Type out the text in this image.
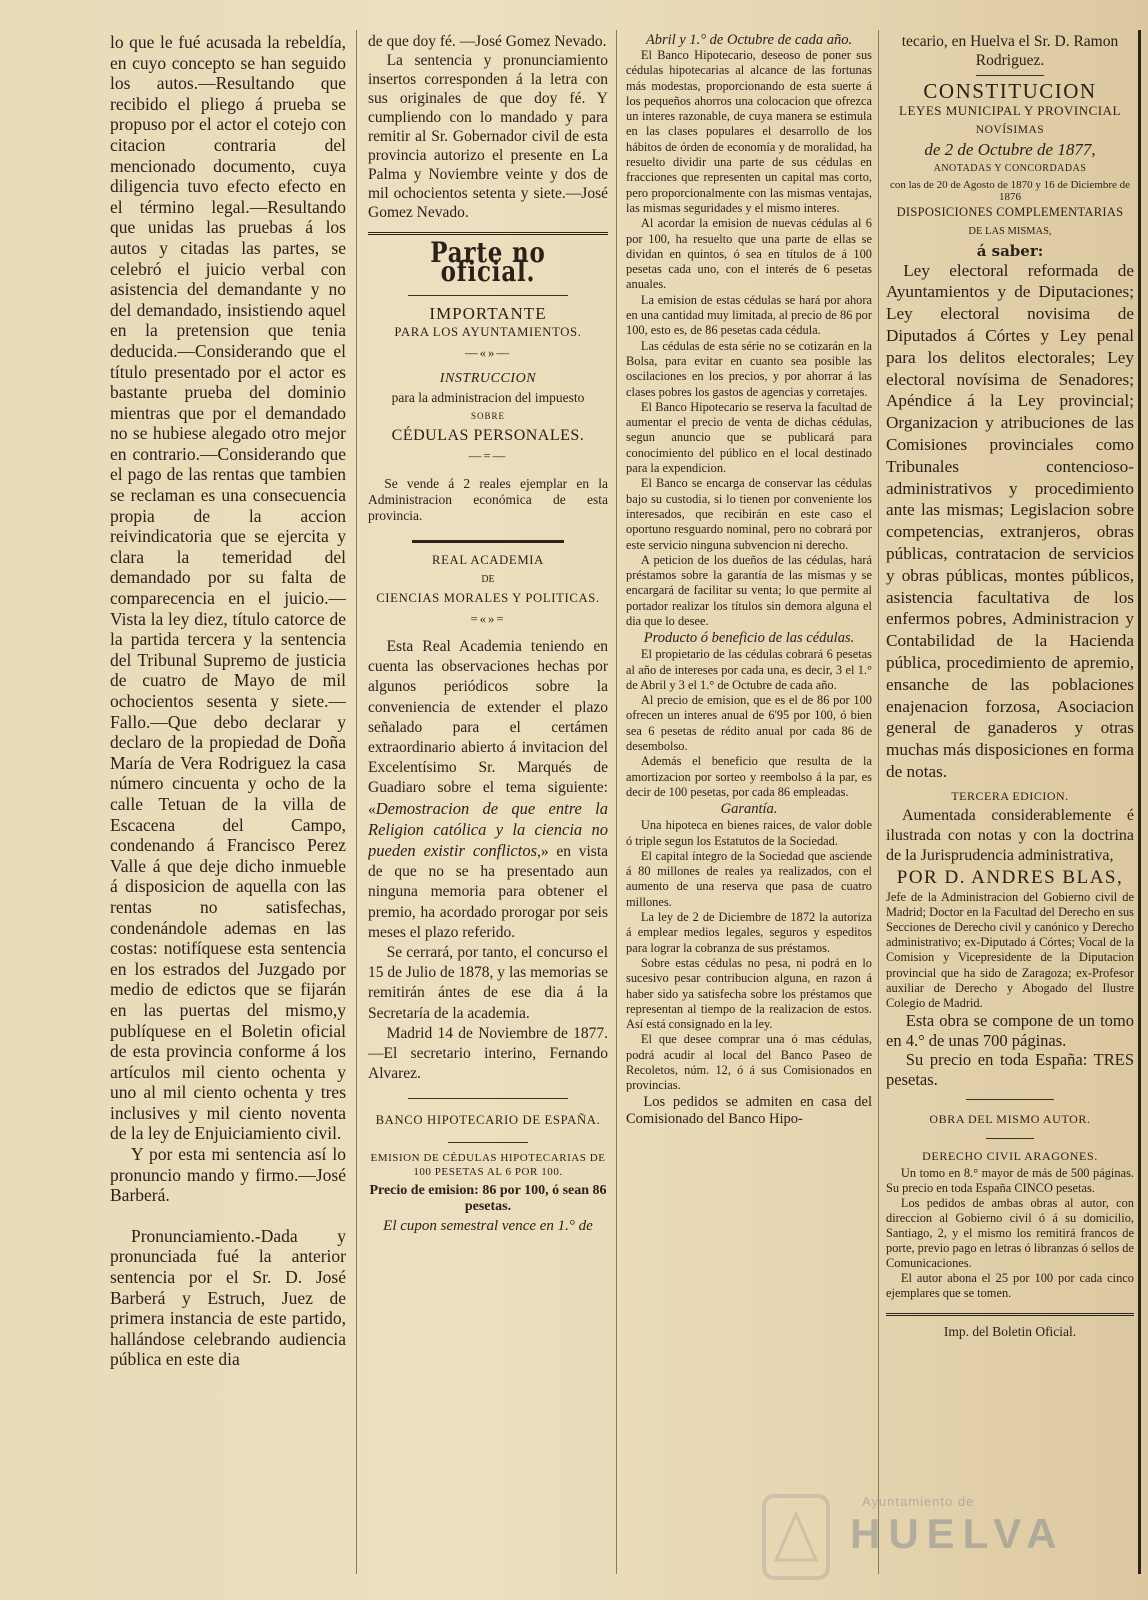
lo que le fué acusada la rebeldía, en cuyo concepto se han seguido los autos.—Resultando que recibido el pliego á prueba se propuso por el actor el cotejo con citacion contraria del mencionado documento, cuya diligencia tuvo efecto efecto en el término legal.—Resultando que unidas las pruebas á los autos y citadas las partes, se celebró el juicio verbal con asistencia del demandante y no del demandado, insistiendo aquel en la pretension que tenia deducida.—Considerando que el título presentado por el actor es bastante prueba del dominio mientras que por el demandado no se hubiese alegado otro mejor en contrario.—Considerando que el pago de las rentas que tambien se reclaman es una consecuencia propia de la accion reivindicatoria que se ejercita y clara la temeridad del demandado por su falta de comparecencia en el juicio.—Vista la ley diez, título catorce de la partida tercera y la sentencia del Tribunal Supremo de justicia de cuatro de Mayo de mil ochocientos sesenta y siete.—Fallo.—Que debo declarar y declaro de la propiedad de Doña María de Vera Rodriguez la casa número cincuenta y ocho de la calle Tetuan de la villa de Escacena del Campo, condenando á Francisco Perez Valle á que deje dicho inmueble á disposicion de aquella con las rentas no satisfechas, condenándole ademas en las costas: notifíquese esta sentencia en los estrados del Juzgado por medio de edictos que se fijarán en las puertas del mismo,y publíquese en el Boletin oficial de esta provincia conforme á los artículos mil ciento ochenta y uno al mil ciento ochenta y tres inclusives y mil ciento noventa de la ley de Enjuiciamiento civil.

Y por esta mi sentencia así lo pronuncio mando y firmo.—José Barberá.

Pronunciamiento.-Dada y pronunciada fué la anterior sentencia por el Sr. D. José Barberá y Estruch, Juez de primera instancia de este partido, hallándose celebrando audiencia pública en este dia

de que doy fé. —José Gomez Nevado.

La sentencia y pronunciamiento insertos corresponden á la letra con sus originales de que doy fé. Y cumpliendo con lo mandado y para remitir al Sr. Gobernador civil de esta provincia autorizo el presente en La Palma y Noviembre veinte y dos de mil ochocientos setenta y siete.—José Gomez Nevado.

Parte no oficial.
IMPORTANTE
PARA LOS AYUNTAMIENTOS.
—«»—
INSTRUCCION
para la administracion del impuesto
SOBRE
CÉDULAS PERSONALES.
—=—

Se vende á 2 reales ejemplar en la Administracion económica de esta provincia.

REAL ACADEMIA
DE
CIENCIAS MORALES Y POLITICAS.
=«»=

Esta Real Academia teniendo en cuenta las observaciones hechas por algunos periódicos sobre la conveniencia de extender el plazo señalado para el certámen extraordinario abierto á invitacion del Excelentísimo Sr. Marqués de Guadiaro sobre el tema siguiente: «Demostracion de que entre la Religion católica y la ciencia no pueden existir conflictos,» en vista de que no se ha presentado aun ninguna memoria para obtener el premio, ha acordado prorogar por seis meses el plazo referido.

Se cerrará, por tanto, el concurso el 15 de Julio de 1878, y las memorias se remitirán ántes de ese dia á la Secretaría de la academia.

Madrid 14 de Noviembre de 1877.—El secretario interino, Fernando Alvarez.

BANCO HIPOTECARIO DE ESPAÑA.
EMISION DE CÉDULAS HIPOTECARIAS DE 100 PESETAS AL 6 POR 100.
Precio de emision: 86 por 100, ó sean 86 pesetas.
El cupon semestral vence en 1.° de
Abril y 1.° de Octubre de cada año.

El Banco Hipotecario, deseoso de poner sus cédulas hipotecarias al alcance de las fortunas más modestas, proporcionando de esta suerte á los pequeños ahorros una colocacion que ofrezca un interes razonable, de cuya manera se estimula en las clases populares el desarrollo de los hábitos de órden de economía y de moralidad, ha resuelto dividir una parte de sus cédulas en fracciones que representen un capital mas corto, pero proporcionalmente con las mismas ventajas, las mismas seguridades y el mismo interes.

Al acordar la emision de nuevas cédulas al 6 por 100, ha resuelto que una parte de ellas se dividan en quintos, ó sea en títulos de á 100 pesetas cada uno, con el interés de 6 pesetas anuales.

La emision de estas cédulas se hará por ahora en una cantidad muy limitada, al precio de 86 por 100, esto es, de 86 pesetas cada cédula.

Las cédulas de esta série no se cotizarán en la Bolsa, para evitar en cuanto sea posible las oscilaciones en los precios, y por ahorrar á las clases pobres los gastos de agencias y corretajes.

El Banco Hipotecario se reserva la facultad de aumentar el precio de venta de dichas cédulas, segun anuncio que se publicará para conocimiento del público en el local destinado para la expendicion.

El Banco se encarga de conservar las cédulas bajo su custodia, si lo tienen por conveniente los interesados, que recibirán en este caso el oportuno resguardo nominal, pero no cobrará por este servicio ninguna subvencion ni derecho.

A peticion de los dueños de las cédulas, hará préstamos sobre la garantía de las mismas y se encargará de facilitar su venta; lo que permite al portador realizar los títulos sin demora alguna el dia que lo desee.

Producto ó beneficio de las cédulas.

El propietario de las cédulas cobrará 6 pesetas al año de intereses por cada una, es decir, 3 el 1.° de Abril y 3 el 1.° de Octubre de cada año.

Al precio de emision, que es el de 86 por 100 ofrecen un interes anual de 6'95 por 100, ó bien sea 6 pesetas de rédito anual por cada 86 de desembolso.

Además el beneficio que resulta de la amortizacion por sorteo y reembolso á la par, es decir de 100 pesetas, por cada 86 empleadas.

Garantía.

Una hipoteca en bienes raices, de valor doble ó triple segun los Estatutos de la Sociedad.

El capital íntegro de la Sociedad que asciende á 80 millones de reales ya realizados, con el aumento de una reserva que pasa de cuatro millones.

La ley de 2 de Diciembre de 1872 la autoriza á emplear medios legales, seguros y espeditos para lograr la cobranza de sus préstamos.

Sobre estas cédulas no pesa, ni podrá en lo sucesivo pesar contribucion alguna, en razon á haber sido ya satisfecha sobre los préstamos que representan al tiempo de la realizacion de estos. Así está consignado en la ley.

El que desee comprar una ó mas cédulas, podrá acudir al local del Banco Paseo de Recoletos, núm. 12, ó á sus Comisionados en provincias.

Los pedidos se admiten en casa del Comisionado del Banco Hipo-

tecario, en Huelva el Sr. D. Ramon Rodriguez.
CONSTITUCION
LEYES MUNICIPAL Y PROVINCIAL
NOVÍSIMAS
de 2 de Octubre de 1877,
ANOTADAS Y CONCORDADAS
con las de 20 de Agosto de 1870 y 16 de Diciembre de 1876
DISPOSICIONES COMPLEMENTARIAS
DE LAS MISMAS,
á saber:

Ley electoral reformada de Ayuntamientos y de Diputaciones; Ley electoral novisima de Diputados á Córtes y Ley penal para los delitos electorales; Ley electoral novísima de Senadores; Apéndice á la Ley provincial; Organizacion y atribuciones de las Comisiones provinciales como Tribunales contencioso-administrativos y procedimiento ante las mismas; Legislacion sobre competencias, extranjeros, obras públicas, contratacion de servicios y obras públicas, montes públicos, asistencia facultativa de los enfermos pobres, Administracion y Contabilidad de la Hacienda pública, procedimiento de apremio, ensanche de las poblaciones enajenacion forzosa, Asociacion general de ganaderos y otras muchas más disposiciones en forma de notas.

TERCERA EDICION.

Aumentada considerablemente é ilustrada con notas y con la doctrina de la Jurisprudencia administrativa,

POR D. ANDRES BLAS,

Jefe de la Administracion del Gobierno civil de Madrid; Doctor en la Facultad del Derecho en sus Secciones de Derecho civil y canónico y Derecho administrativo; ex-Diputado á Córtes; Vocal de la Comision y Vicepresidente de la Diputacion provincial que ha sido de Zaragoza; ex-Profesor auxiliar de Derecho y Abogado del Ilustre Colegio de Madrid.

Esta obra se compone de un tomo en 4.° de unas 700 páginas.

Su precio en toda España: TRES pesetas.

OBRA DEL MISMO AUTOR.
DERECHO CIVIL ARAGONES.

Un tomo en 8.° mayor de más de 500 páginas. Su precio en toda España CINCO pesetas.

Los pedidos de ambas obras al autor, con direccion al Gobierno civil ó á su domicilio, Santiago, 2, y el mismo los remitirá francos de porte, previo pago en letras ó libranzas ó sellos de Comunicaciones.

El autor abona el 25 por 100 por cada cinco ejemplares que se tomen.

Imp. del Boletin Oficial.
Ayuntamiento de
HUELVA
